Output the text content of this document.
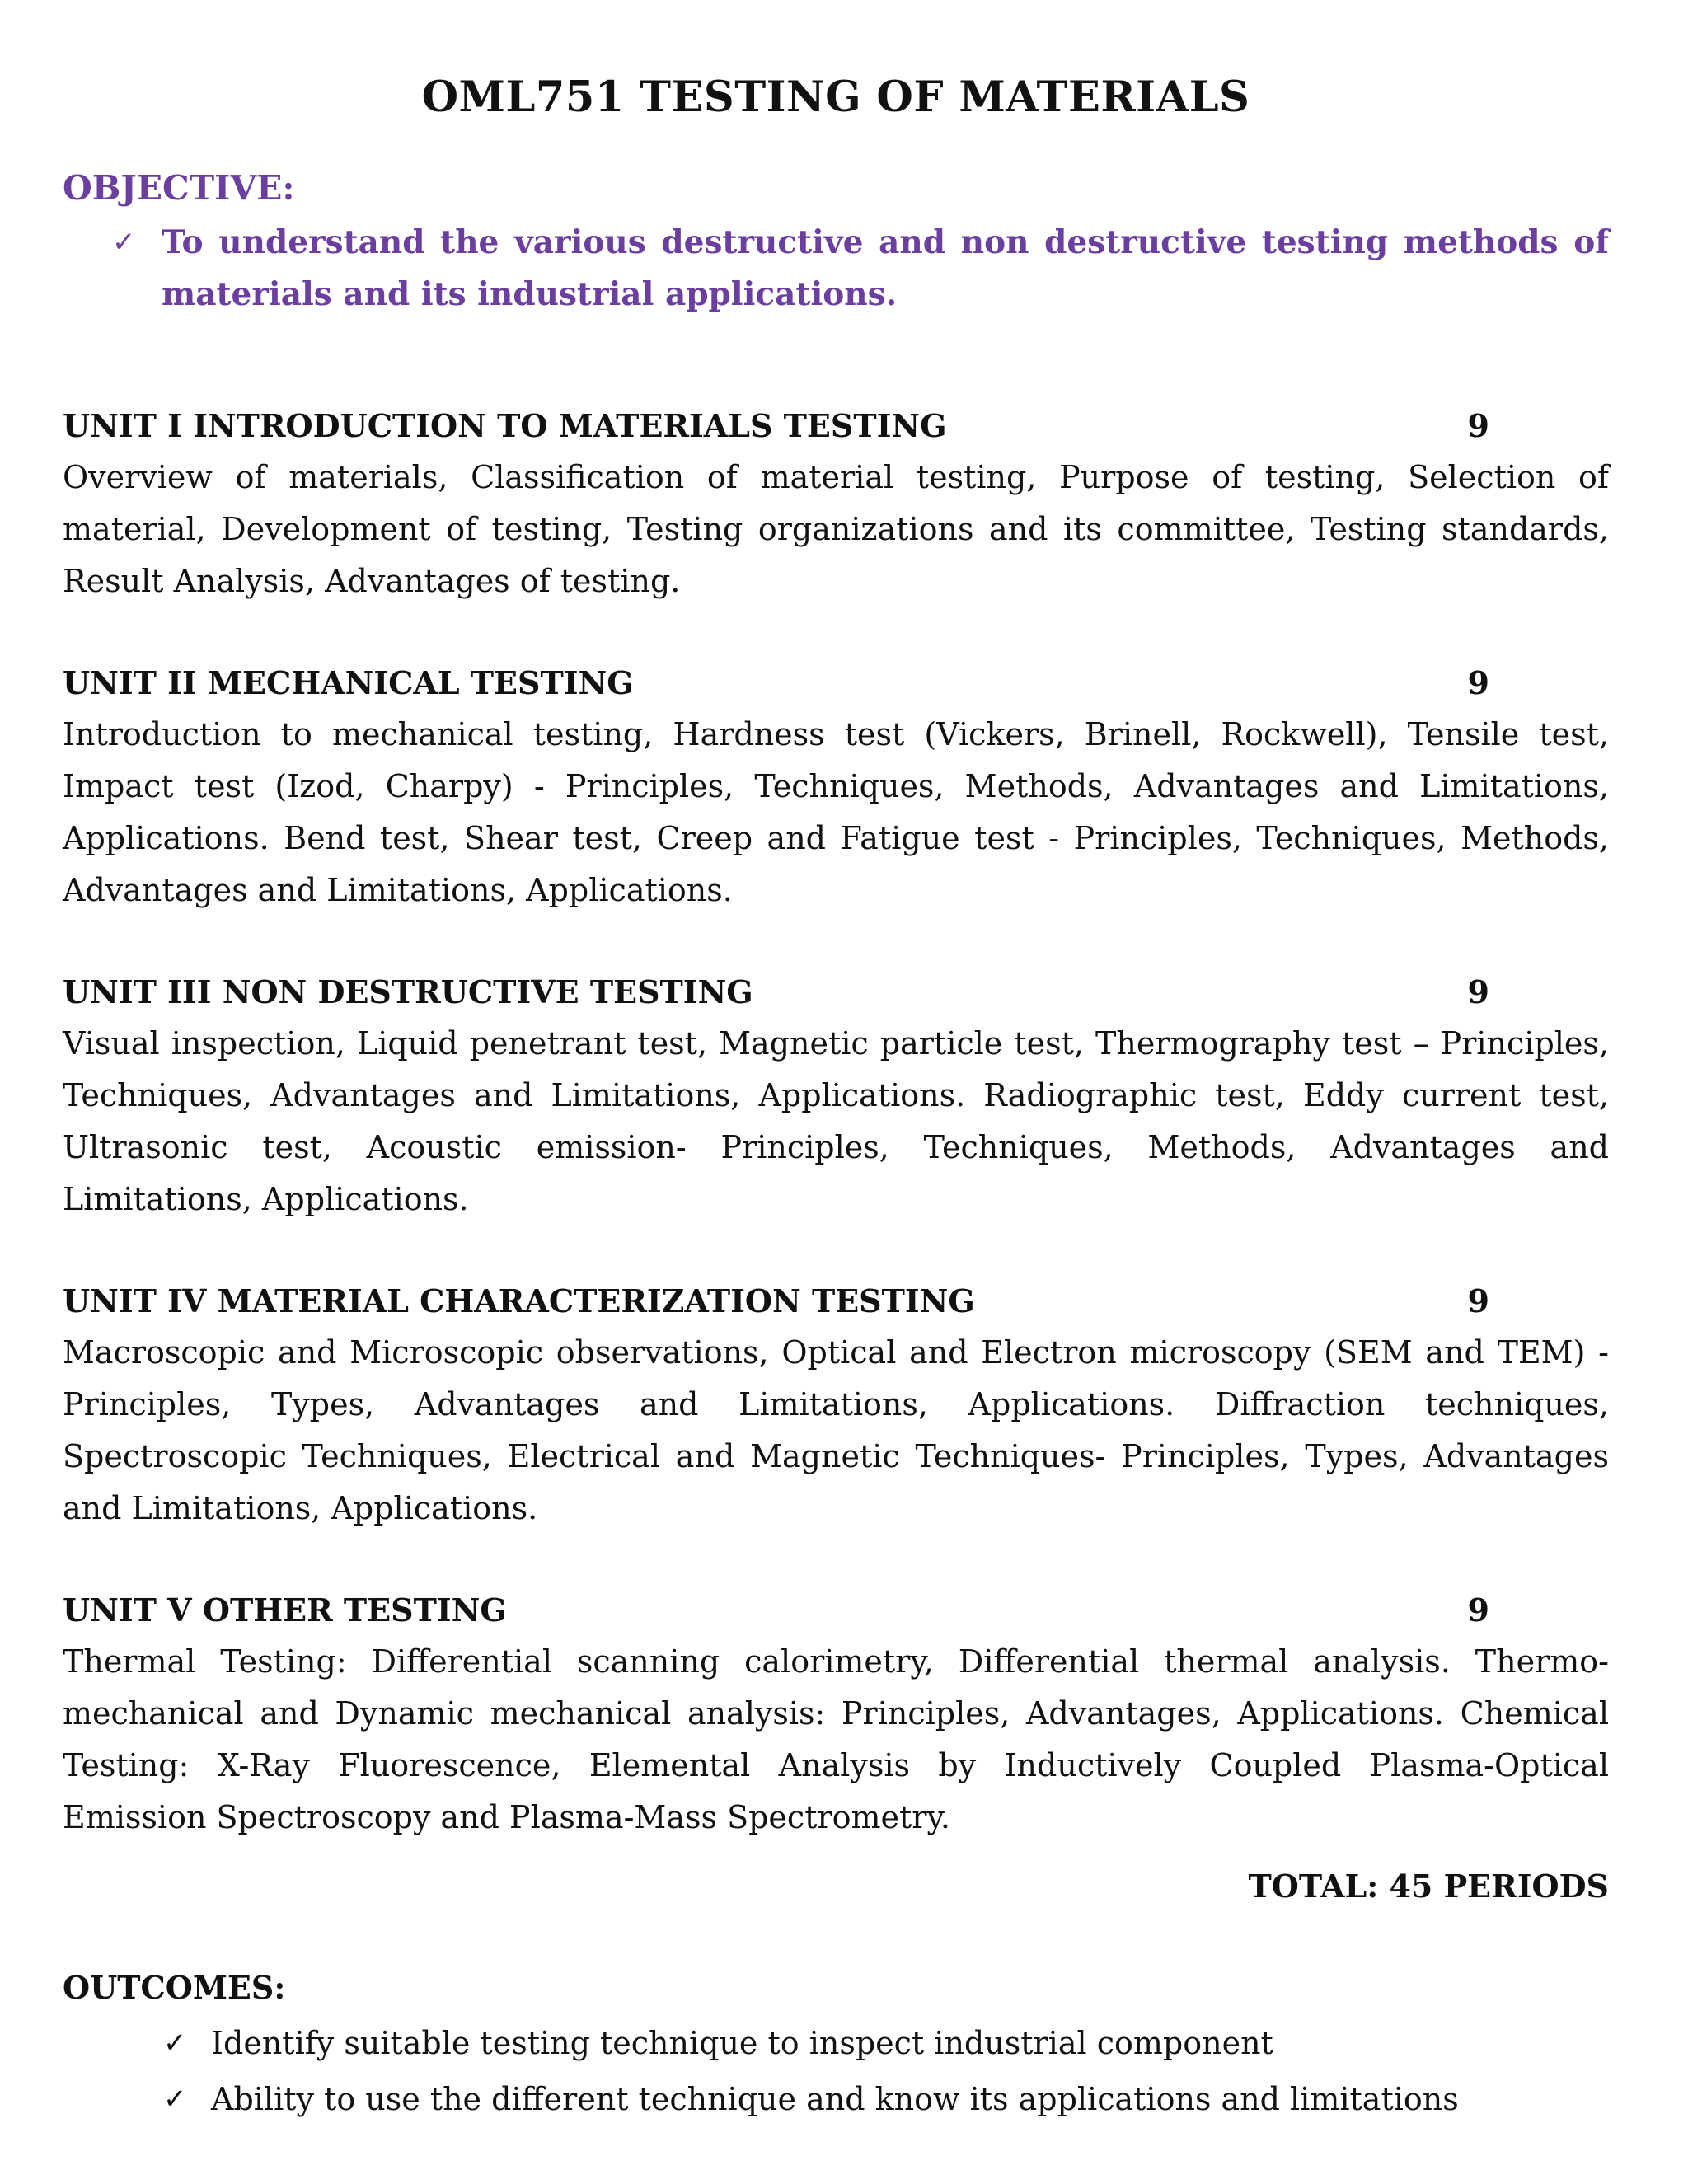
OML751 TESTING OF MATERIALS
OBJECTIVE:
✓ To understand the various destructive and non destructive testing methods of materials and its industrial applications.
UNIT I INTRODUCTION TO MATERIALS TESTING	9

Overview of materials, Classification of material testing, Purpose of testing, Selection of material, Development of testing, Testing organizations and its committee, Testing standards, Result Analysis, Advantages of testing.

UNIT II MECHANICAL TESTING	9

Introduction to mechanical testing, Hardness test (Vickers, Brinell, Rockwell), Tensile test, Impact test (Izod, Charpy) - Principles, Techniques, Methods, Advantages and Limitations, Applications. Bend test, Shear test, Creep and Fatigue test - Principles, Techniques, Methods, Advantages and Limitations, Applications.

UNIT III NON DESTRUCTIVE TESTING	9

Visual inspection, Liquid penetrant test, Magnetic particle test, Thermography test – Principles, Techniques, Advantages and Limitations, Applications. Radiographic test, Eddy current test, Ultrasonic test, Acoustic emission- Principles, Techniques, Methods, Advantages and Limitations, Applications.

UNIT IV MATERIAL CHARACTERIZATION TESTING	9

Macroscopic and Microscopic observations, Optical and Electron microscopy (SEM and TEM) -Principles, Types, Advantages and Limitations, Applications. Diffraction techniques, Spectroscopic Techniques, Electrical and Magnetic Techniques- Principles, Types, Advantages and Limitations, Applications.

UNIT V OTHER TESTING	9

Thermal Testing: Differential scanning calorimetry, Differential thermal analysis. Thermo-mechanical and Dynamic mechanical analysis: Principles, Advantages, Applications. Chemical Testing: X-Ray Fluorescence, Elemental Analysis by Inductively Coupled Plasma-Optical Emission Spectroscopy and Plasma-Mass Spectrometry.

TOTAL: 45 PERIODS
OUTCOMES:
✓ Identify suitable testing technique to inspect industrial component
✓ Ability to use the different technique and know its applications and limitations
